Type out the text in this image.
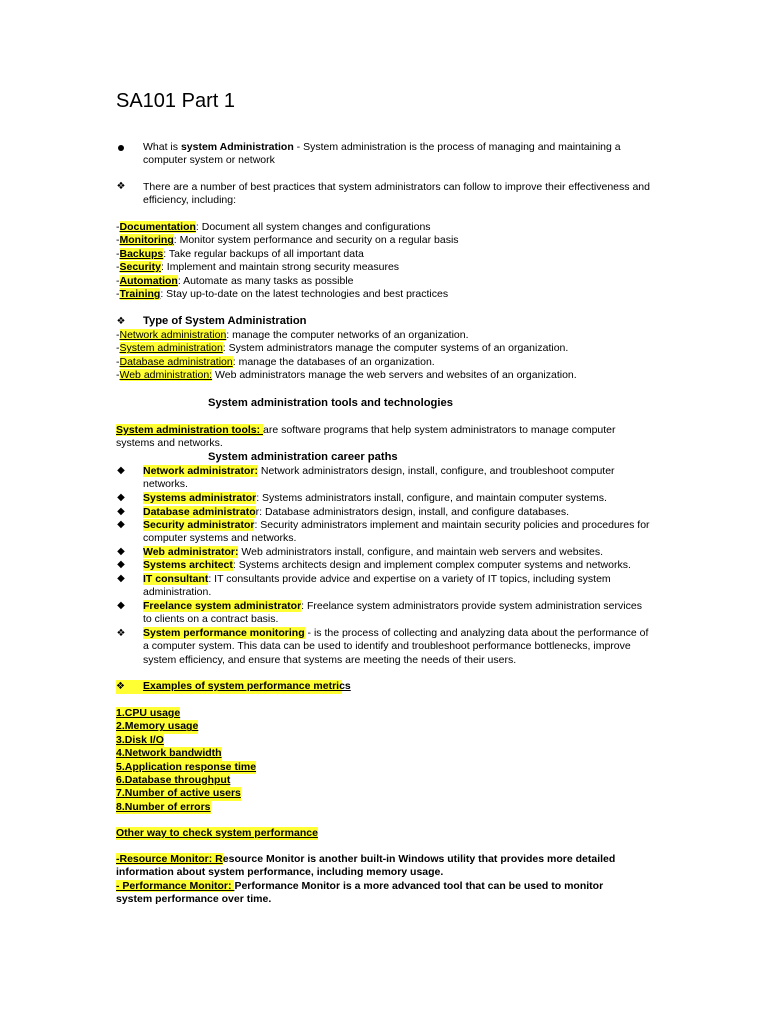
SA101 Part 1
What is system Administration - System administration is the process of managing and maintaining a computer system or network
❖ There are a number of best practices that system administrators can follow to improve their effectiveness and efficiency, including:
-Documentation: Document all system changes and configurations
-Monitoring: Monitor system performance and security on a regular basis
-Backups: Take regular backups of all important data
-Security: Implement and maintain strong security measures
-Automation: Automate as many tasks as possible
-Training: Stay up-to-date on the latest technologies and best practices
❖ Type of System Administration
-Network administration: manage the computer networks of an organization.
-System administration: System administrators manage the computer systems of an organization.
-Database administration: manage the databases of an organization.
-Web administration: Web administrators manage the web servers and websites of an organization.
System administration tools and technologies
System administration tools: are software programs that help system administrators to manage computer systems and networks.
System administration career paths
◆	Network administrator: Network administrators design, install, configure, and troubleshoot computer networks.
◆	Systems administrator: Systems administrators install, configure, and maintain computer systems.
◆	Database administrator: Database administrators design, install, and configure databases.
◆	Security administrator: Security administrators implement and maintain security policies and procedures for computer systems and networks.
◆	Web administrator: Web administrators install, configure, and maintain web servers and websites.
◆	Systems architect: Systems architects design and implement complex computer systems and networks.
◆	IT consultant: IT consultants provide advice and expertise on a variety of IT topics, including system administration.
◆	Freelance system administrator: Freelance system administrators provide system administration services to clients on a contract basis.
❖ System performance monitoring - is the process of collecting and analyzing data about the performance of a computer system. This data can be used to identify and troubleshoot performance bottlenecks, improve system efficiency, and ensure that systems are meeting the needs of their users.
❖	Examples of system performance metrics
1.CPU usage
2.Memory usage
3.Disk I/O
4.Network bandwidth
5.Application response time
6.Database throughput
7.Number of active users
8.Number of errors
Other way to check system performance
-Resource Monitor: Resource Monitor is another built-in Windows utility that provides more detailed information about system performance, including memory usage.
- Performance Monitor: Performance Monitor is a more advanced tool that can be used to monitor system performance over time.
